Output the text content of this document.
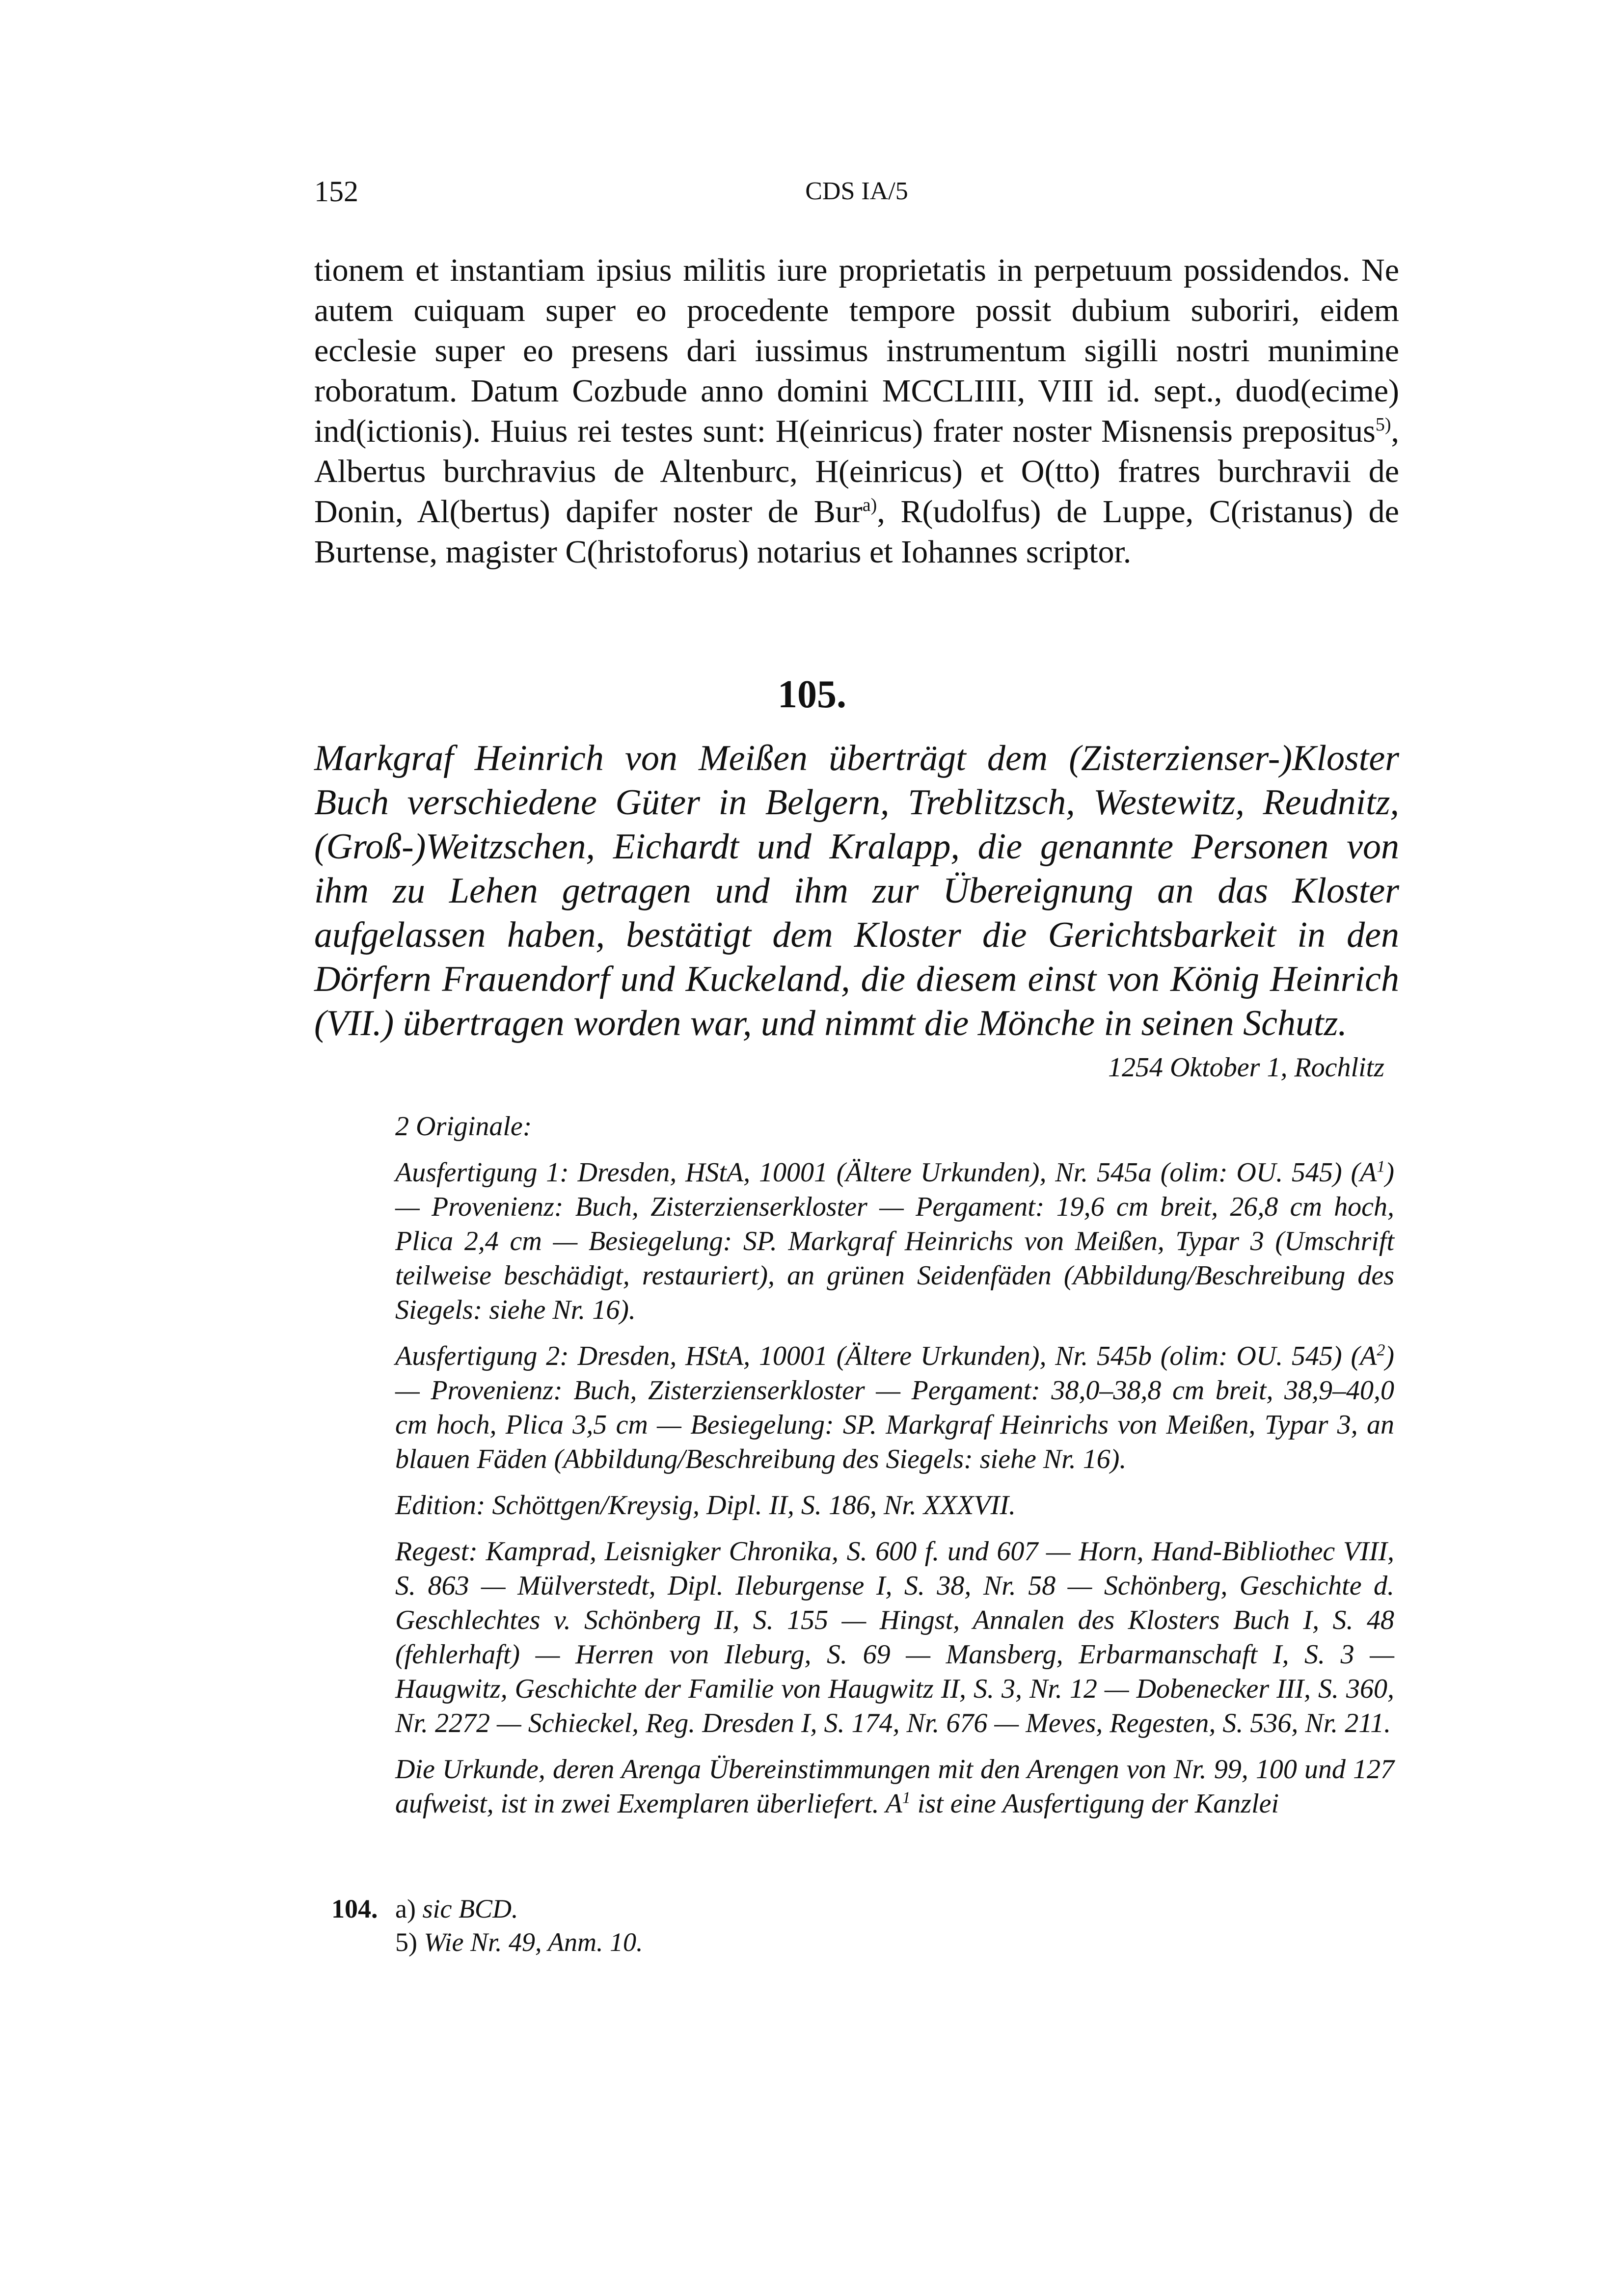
152	CDS IA/5

tionem et instantiam ipsius militis iure proprietatis in perpetuum possidendos. Ne autem cuiquam super eo procedente tempore possit dubium suboriri, eidem ecclesie super eo presens dari iussimus instrumentum sigilli nostri munimine roboratum. Datum Cozbude anno domini MCCLIIII, VIII id. sept., duod(ecime) ind(ictionis). Huius rei testes sunt: H(einricus) frater noster Misnensis prepositus$^{5)}$, Albertus burchravius de Altenburc, H(einricus) et O(tto) fratres burchravii de Donin, Al(bertus) dapifer noster de Bur$^{a)}$, R(udolfus) de Luppe, C(ristanus) de Burtense, magister C(hristoforus) notarius et Iohannes scriptor.

105.
Markgraf Heinrich von Meißen überträgt dem (Zisterzienser-)Kloster Buch verschiedene Güter in Belgern, Treblitzsch, Westewitz, Reudnitz, (Groß-)Weitzschen, Eichardt und Kralapp, die genannte Personen von ihm zu Lehen getragen und ihm zur Übereignung an das Kloster aufgelassen haben, bestätigt dem Kloster die Gerichtsbarkeit in den Dörfern Frauendorf und Kuckeland, die diesem einst von König Heinrich (VII.) übertragen worden war, und nimmt die Mönche in seinen Schutz.
1254 Oktober 1, Rochlitz

2 Originale:

Ausfertigung 1: Dresden, HStA, 10001 (Ältere Urkunden), Nr. 545a (olim: OU. 545) $(A^1)$ — Provenienz: Buch, Zisterzienserkloster — Pergament: 19,6 cm breit, 26,8 cm hoch, Plica 2,4 cm — Besiegelung: SP. Markgraf Heinrichs von Meißen, Typar 3 (Umschrift teilweise beschädigt, restauriert), an grünen Seidenfäden (Abbildung/Beschreibung des Siegels: siehe Nr. 16).

Ausfertigung 2: Dresden, HStA, 10001 (Ältere Urkunden), Nr. 545b (olim: OU. 545) $(A^2)$ — Provenienz: Buch, Zisterzienserkloster — Pergament: 38,0–38,8 cm breit, 38,9–40,0 cm hoch, Plica 3,5 cm — Besiegelung: SP. Markgraf Heinrichs von Meißen, Typar 3, an blauen Fäden (Abbildung/Beschreibung des Siegels: siehe Nr. 16).

Edition: Schöttgen/Kreysig, Dipl. II, S. 186, Nr. XXXVII.

Regest: Kamprad, Leisnigker Chronika, S. 600 f. und 607 — Horn, Hand-Bibliothec VIII, S. 863 — Mülverstedt, Dipl. Ileburgense I, S. 38, Nr. 58 — Schönberg, Geschichte d. Geschlechtes v. Schönberg II, S. 155 — Hingst, Annalen des Klosters Buch I, S. 48 (fehlerhaft) — Herren von Ileburg, S. 69 — Mansberg, Erbarmanschaft I, S. 3 — Haugwitz, Geschichte der Familie von Haugwitz II, S. 3, Nr. 12 — Dobenecker III, S. 360, Nr. 2272 — Schieckel, Reg. Dresden I, S. 174, Nr. 676 — Meves, Regesten, S. 536, Nr. 211.

Die Urkunde, deren Arenga Übereinstimmungen mit den Arengen von Nr. 99, 100 und 127 aufweist, ist in zwei Exemplaren überliefert. $A^1$ ist eine Ausfertigung der Kanzlei

104. a) sic BCD.

5) Wie Nr. 49, Anm. 10.
